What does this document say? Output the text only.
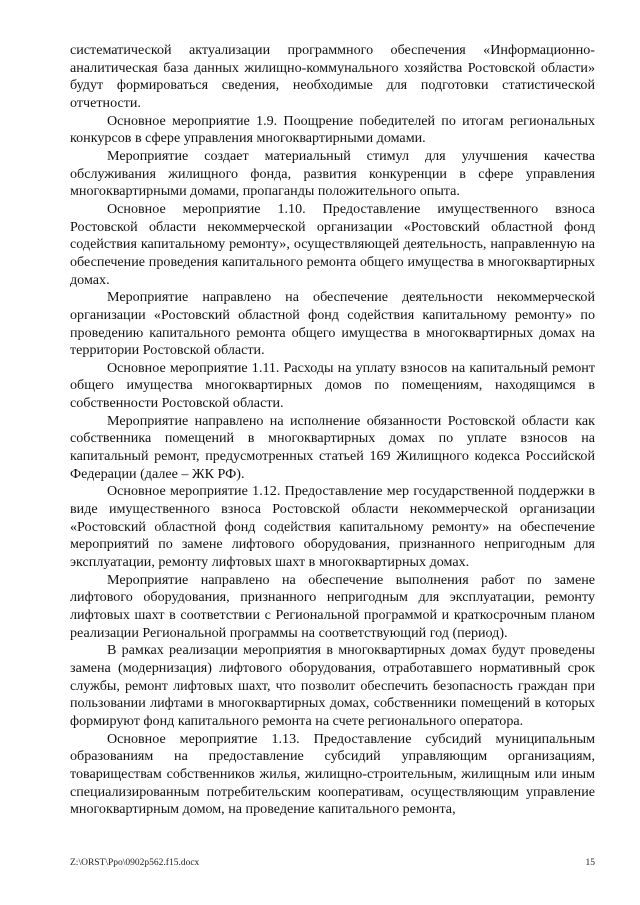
систематической актуализации программного обеспечения «Информационно-аналитическая база данных жилищно-коммунального хозяйства Ростовской области» будут формироваться сведения, необходимые для подготовки статистической отчетности.

Основное мероприятие 1.9. Поощрение победителей по итогам региональных конкурсов в сфере управления многоквартирными домами.

Мероприятие создает материальный стимул для улучшения качества обслуживания жилищного фонда, развития конкуренции в сфере управления многоквартирными домами, пропаганды положительного опыта.

Основное мероприятие 1.10. Предоставление имущественного взноса Ростовской области некоммерческой организации «Ростовский областной фонд содействия капитальному ремонту», осуществляющей деятельность, направленную на обеспечение проведения капитального ремонта общего имущества в многоквартирных домах.

Мероприятие направлено на обеспечение деятельности некоммерческой организации «Ростовский областной фонд содействия капитальному ремонту» по проведению капитального ремонта общего имущества в многоквартирных домах на территории Ростовской области.

Основное мероприятие 1.11. Расходы на уплату взносов на капитальный ремонт общего имущества многоквартирных домов по помещениям, находящимся в собственности Ростовской области.

Мероприятие направлено на исполнение обязанности Ростовской области как собственника помещений в многоквартирных домах по уплате взносов на капитальный ремонт, предусмотренных статьей 169 Жилищного кодекса Российской Федерации (далее – ЖК РФ).

Основное мероприятие 1.12. Предоставление мер государственной поддержки в виде имущественного взноса Ростовской области некоммерческой организации «Ростовский областной фонд содействия капитальному ремонту» на обеспечение мероприятий по замене лифтового оборудования, признанного непригодным для эксплуатации, ремонту лифтовых шахт в многоквартирных домах.

Мероприятие направлено на обеспечение выполнения работ по замене лифтового оборудования, признанного непригодным для эксплуатации, ремонту лифтовых шахт в соответствии с Региональной программой и краткосрочным планом реализации Региональной программы на соответствующий год (период).

В рамках реализации мероприятия в многоквартирных домах будут проведены замена (модернизация) лифтового оборудования, отработавшего нормативный срок службы, ремонт лифтовых шахт, что позволит обеспечить безопасность граждан при пользовании лифтами в многоквартирных домах, собственники помещений в которых формируют фонд капитального ремонта на счете регионального оператора.

Основное мероприятие 1.13. Предоставление субсидий муниципальным образованиям на предоставление субсидий управляющим организациям, товариществам собственников жилья, жилищно-строительным, жилищным или иным специализированным потребительским кооперативам, осуществляющим управление многоквартирным домом, на проведение капитального ремонта,

Z:\ORST\Ppo\0902p562.f15.docx	15
